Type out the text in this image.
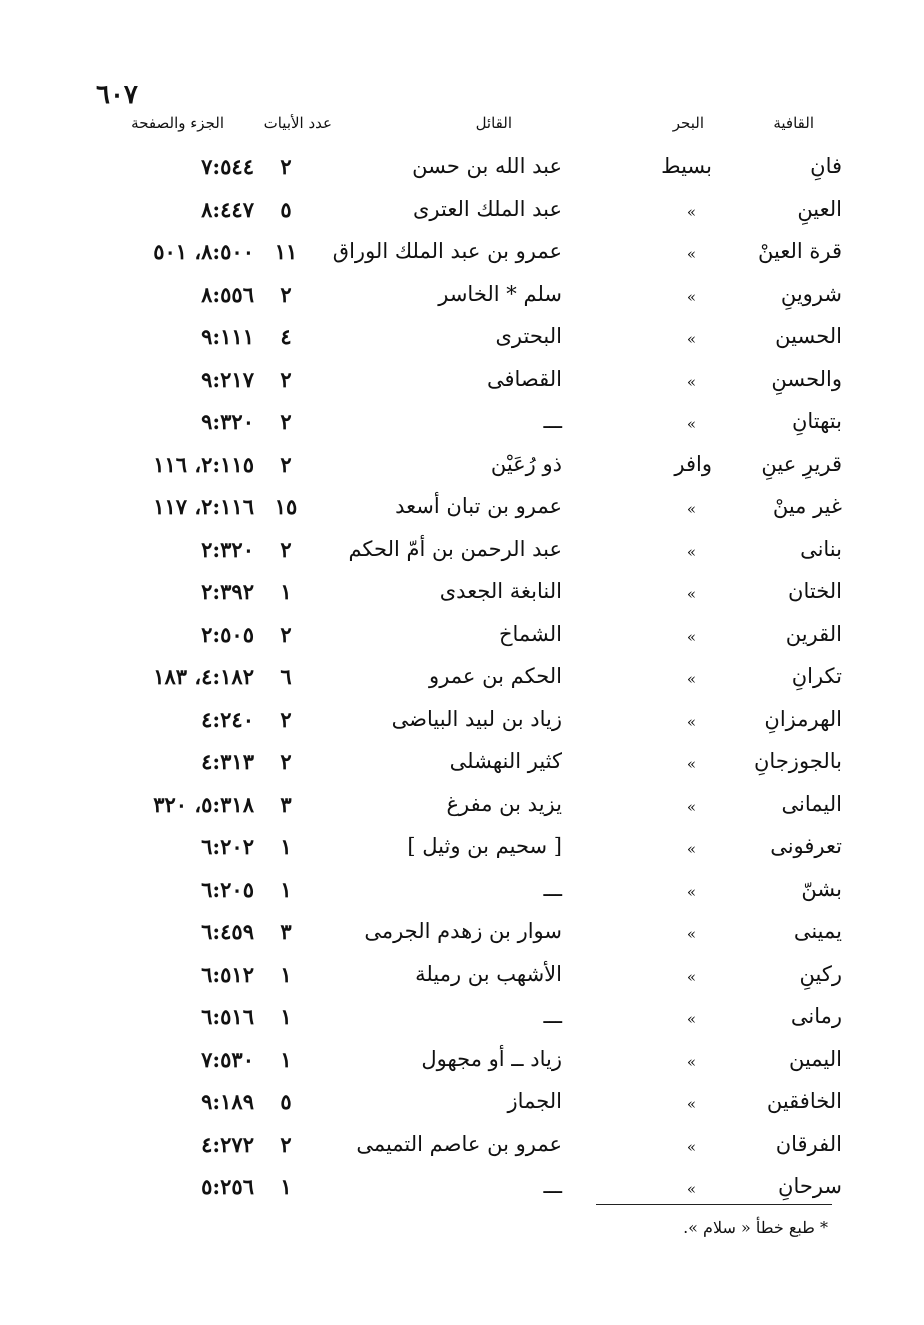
٦٠٧
القافية
البحر
القائل
عدد الأبيات
الجزء والصفحة
فانِ
بسيط
عبد الله بن حسن
٢
٧:٥٤٤
العينِ
»
عبد الملك العترى
٥
٨:٤٤٧
قرة العينْ
»
عمرو بن عبد الملك الوراق
١١
٨:٥٠٠، ٥٠١
شروينِ
»
سلم * الخاسر
٢
٨:٥٥٦
الحسين
»
البحترى
٤
٩:١١١
والحسنِ
»
القصافى
٢
٩:٢١٧
بتهتانِ
»
ـــ
٢
٩:٣٢٠
قريرِ عينِ
وافر
ذو رُعَيْن
٢
٢:١١٥، ١١٦
غير مينْ
»
عمرو بن تبان أسعد
١٥
٢:١١٦، ١١٧
بنانى
»
عبد الرحمن بن أمّ الحكم
٢
٢:٣٢٠
الختان
»
النابغة الجعدى
١
٢:٣٩٢
القرين
»
الشماخ
٢
٢:٥٠٥
تكرانِ
»
الحكم بن عمرو
٦
٤:١٨٢، ١٨٣
الهرمزانِ
»
زياد بن لبيد البياضى
٢
٤:٢٤٠
بالجوزجانِ
»
كثير النهشلى
٢
٤:٣١٣
اليمانى
»
يزيد بن مفرغ
٣
٥:٣١٨، ٣٢٠
تعرفونى
»
[ سحيم بن وثيل ]
١
٦:٢٠٢
بشنّ
»
ـــ
١
٦:٢٠٥
يمينى
»
سوار بن زهدم الجرمى
٣
٦:٤٥٩
ركينِ
»
الأشهب بن رميلة
١
٦:٥١٢
رمانى
»
ـــ
١
٦:٥١٦
اليمين
»
زياد ــ أو مجهول
١
٧:٥٣٠
الخافقين
»
الجماز
٥
٩:١٨٩
الفرقان
»
عمرو بن عاصم التميمى
٢
٤:٢٧٢
سرحانِ
»
ـــ
١
٥:٢٥٦
* طبع خطأ « سلام ».
